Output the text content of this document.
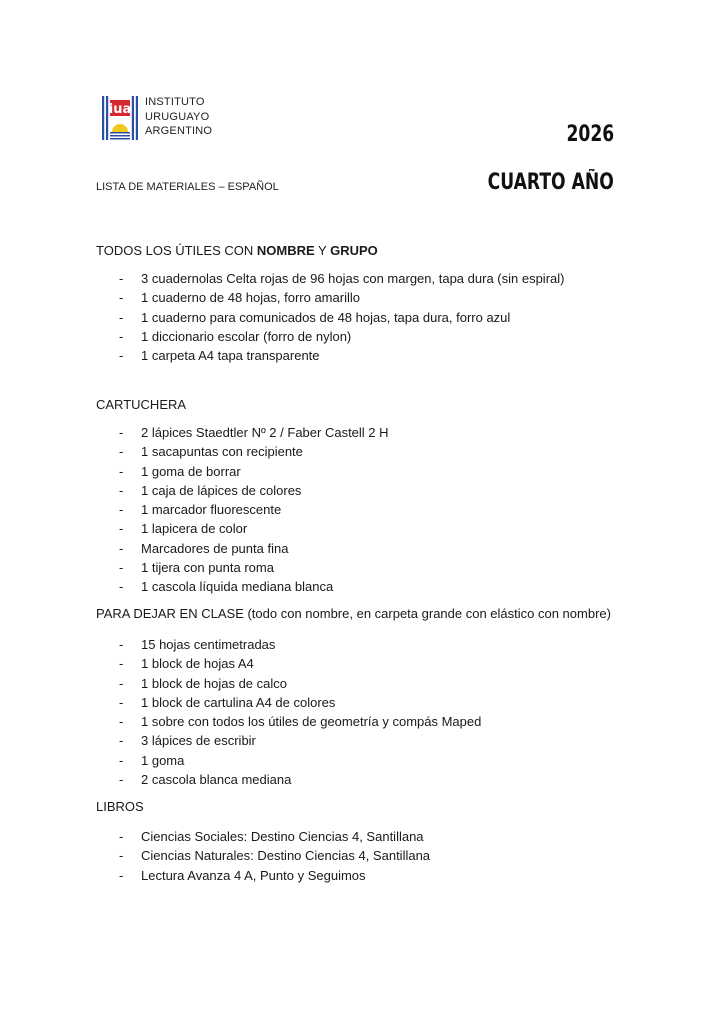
iua INSTITUTO
URUGUAYO
ARGENTINO	2026
CUARTO AÑO
LISTA DE MATERIALES – ESPAÑOL
TODOS LOS ÚTILES CON NOMBRE Y GRUPO
- 3 cuadernolas Celta rojas de 96 hojas con margen, tapa dura (sin espiral)
- 1 cuaderno de 48 hojas, forro amarillo
- 1 cuaderno para comunicados de 48 hojas, tapa dura, forro azul
- 1 diccionario escolar (forro de nylon)
- 1 carpeta A4 tapa transparente
CARTUCHERA
- 2 lápices Staedtler Nº 2 / Faber Castell 2 H
- 1 sacapuntas con recipiente
- 1 goma de borrar
- 1 caja de lápices de colores
- 1 marcador fluorescente
- 1 lapicera de color
- Marcadores de punta fina
- 1 tijera con punta roma
- 1 cascola líquida mediana blanca
PARA DEJAR EN CLASE (todo con nombre, en carpeta grande con elástico con nombre)
- 15 hojas centimetradas
- 1 block de hojas A4
- 1 block de hojas de calco
- 1 block de cartulina A4 de colores
- 1 sobre con todos los útiles de geometría y compás Maped
- 3 lápices de escribir
- 1 goma
- 2 cascola blanca mediana
LIBROS
- Ciencias Sociales: Destino Ciencias 4, Santillana
- Ciencias Naturales: Destino Ciencias 4, Santillana
- Lectura Avanza 4 A, Punto y Seguimos
